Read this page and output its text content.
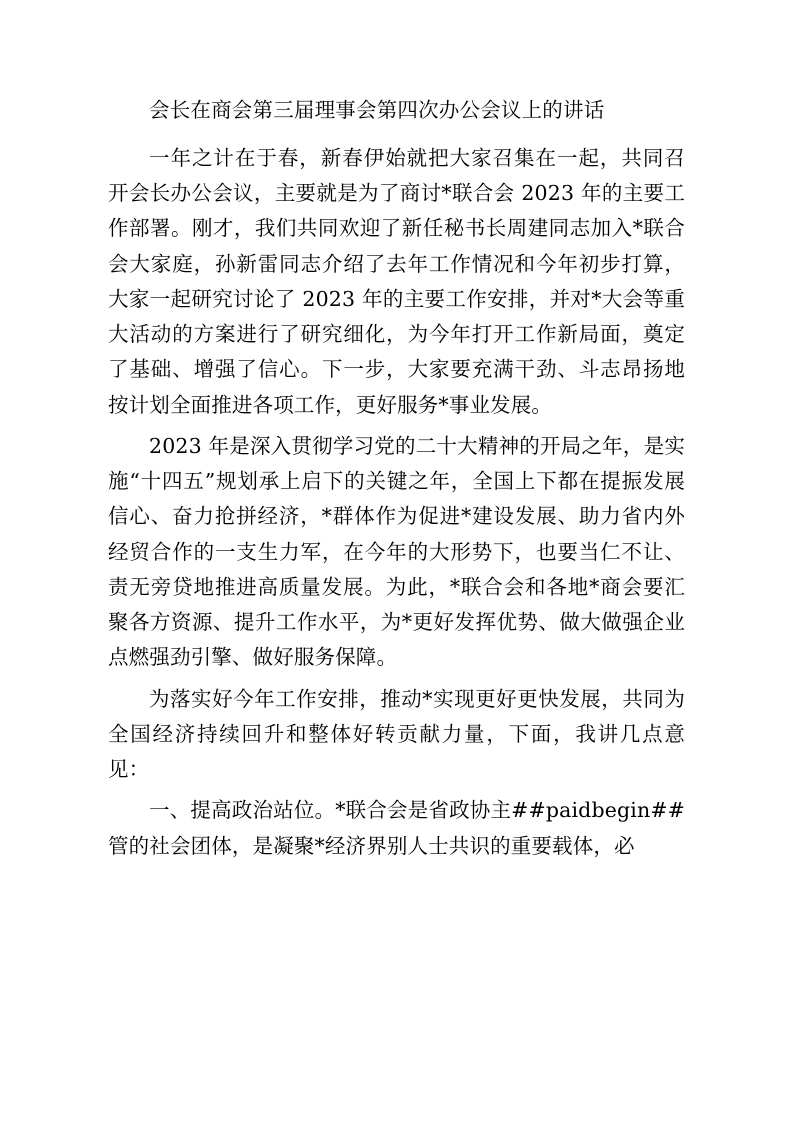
会长在商会第三届理事会第四次办公会议上的讲话

一年之计在于春，新春伊始就把大家召集在一起，共同召开会长办公会议，主要就是为了商讨*联合会 2023 年的主要工作部署。刚才，我们共同欢迎了新任秘书长周建同志加入*联合会大家庭，孙新雷同志介绍了去年工作情况和今年初步打算，大家一起研究讨论了 2023 年的主要工作安排，并对*大会等重大活动的方案进行了研究细化，为今年打开工作新局面，奠定了基础、增强了信心。下一步，大家要充满干劲、斗志昂扬地按计划全面推进各项工作，更好服务*事业发展。

2023 年是深入贯彻学习党的二十大精神的开局之年，是实施“十四五”规划承上启下的关键之年，全国上下都在提振发展信心、奋力抢拼经济，*群体作为促进*建设发展、助力省内外经贸合作的一支生力军，在今年的大形势下，也要当仁不让、责无旁贷地推进高质量发展。为此，*联合会和各地*商会要汇聚各方资源、提升工作水平，为*更好发挥优势、做大做强企业点燃强劲引擎、做好服务保障。

为落实好今年工作安排，推动*实现更好更快发展，共同为全国经济持续回升和整体好转贡献力量，下面，我讲几点意见：

一、提高政治站位。*联合会是省政协主##paidbegin##管的社会团体，是凝聚*经济界别人士共识的重要载体，必
